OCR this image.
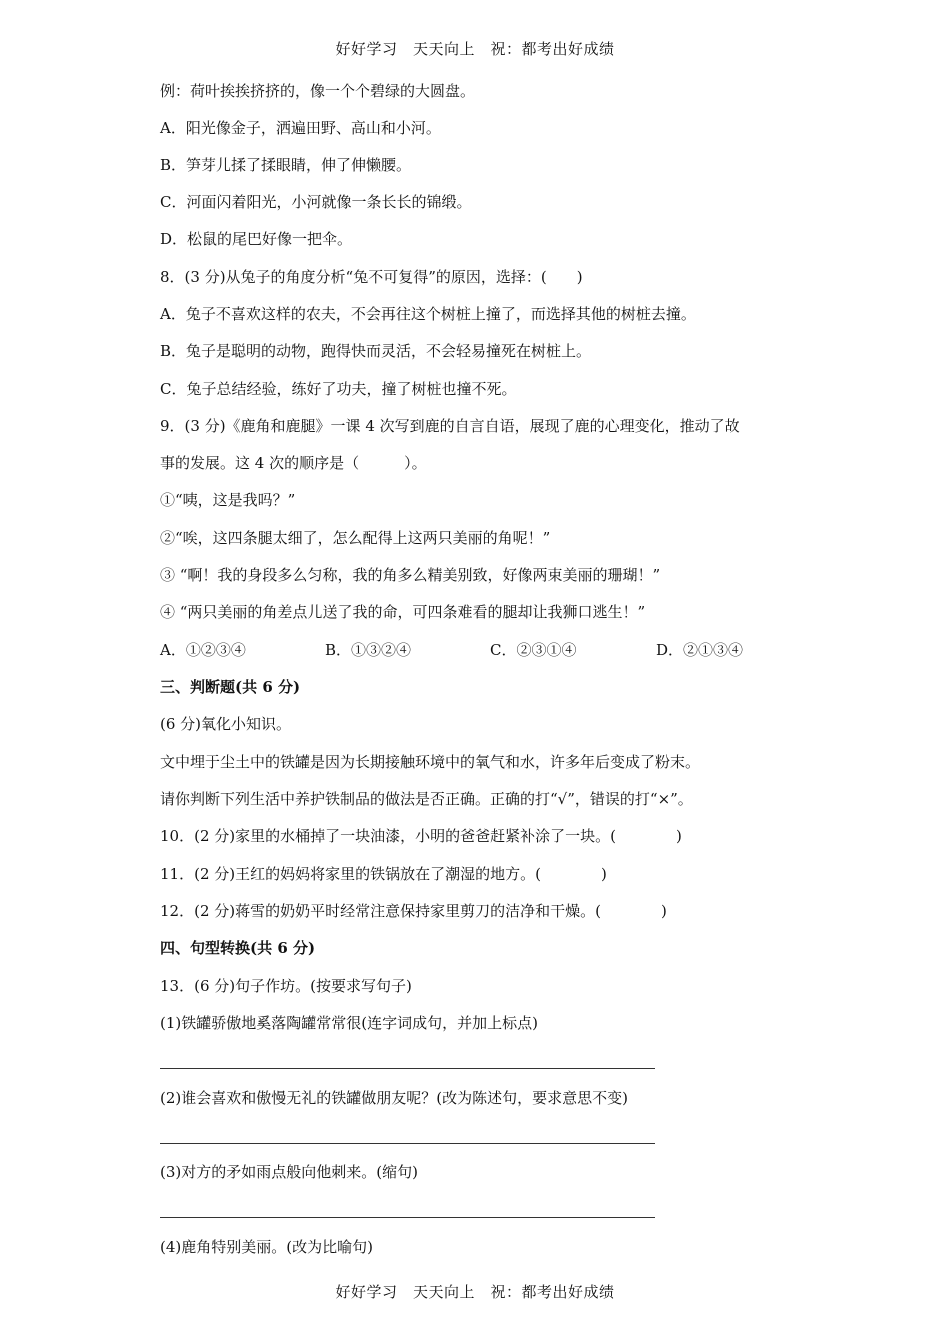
好好学习　天天向上　祝：都考出好成绩
例：荷叶挨挨挤挤的，像一个个碧绿的大圆盘。
A．阳光像金子，洒遍田野、高山和小河。
B．笋芽儿揉了揉眼睛，伸了伸懒腰。
C．河面闪着阳光，小河就像一条长长的锦缎。
D．松鼠的尾巴好像一把伞。
8．(3 分)从兔子的角度分析“兔不可复得”的原因，选择：(　　)
A．兔子不喜欢这样的农夫，不会再往这个树桩上撞了，而选择其他的树桩去撞。
B．兔子是聪明的动物，跑得快而灵活，不会轻易撞死在树桩上。
C．兔子总结经验，练好了功夫，撞了树桩也撞不死。
9．(3 分)《鹿角和鹿腿》一课 4 次写到鹿的自言自语，展现了鹿的心理变化，推动了故
事的发展。这 4 次的顺序是（　　　）。
①“咦，这是我吗？”
②“唉，这四条腿太细了，怎么配得上这两只美丽的角呢！”
③ “啊！我的身段多么匀称，我的角多么精美别致，好像两束美丽的珊瑚！”
④ “两只美丽的角差点儿送了我的命，可四条难看的腿却让我狮口逃生！”
A．①②③④	B．①③②④	C．②③①④	D．②①③④
三、判断题(共 6 分)
(6 分)氧化小知识。
文中埋于尘土中的铁罐是因为长期接触环境中的氧气和水，许多年后变成了粉末。
请你判断下列生活中养护铁制品的做法是否正确。正确的打“√”，错误的打“×”。
10．(2 分)家里的水桶掉了一块油漆，小明的爸爸赶紧补涂了一块。(　　　　)
11．(2 分)王红的妈妈将家里的铁锅放在了潮湿的地方。(　　　　)
12．(2 分)蒋雪的奶奶平时经常注意保持家里剪刀的洁净和干燥。(　　　　)
四、句型转换(共 6 分)
13．(6 分)句子作坊。(按要求写句子)
(1)铁罐骄傲地奚落陶罐常常很(连字词成句，并加上标点)
(2)谁会喜欢和傲慢无礼的铁罐做朋友呢？(改为陈述句，要求意思不变)
(3)对方的矛如雨点般向他刺来。(缩句)
(4)鹿角特别美丽。(改为比喻句)
好好学习　天天向上　祝：都考出好成绩
